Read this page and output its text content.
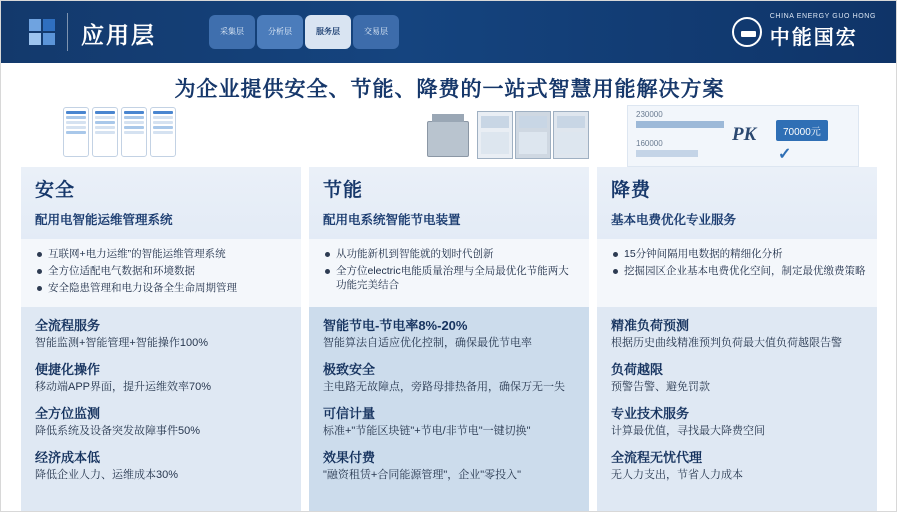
应用层	采集层	分析层	服务层	交易层
CHINA ENERGY GUO HONG
中能国宏
为企业提供安全、节能、降费的一站式智慧用能解决方案
安全
配用电智能运维管理系统
互联网+电力运维”的智能运维管理系统
全方位适配电气数据和环境数据
安全隐患管理和电力设备全生命周期管理
全流程服务
智能监测+智能管理+智能操作100%
便捷化操作
移动端APP界面，提升运维效率70%
全方位监测
降低系统及设备突发故障事件50%
经济成本低
降低企业人力、运维成本30%
节能
配用电系统智能节电装置
从功能新机到智能就的划时代创新
全方位electric电能质量治理与全局最优化节能两大功能完美结合
智能节电-节电率8%-20%
智能算法自适应优化控制，确保最优节电率
极致安全
主电路无故障点，旁路母排热备用，确保万无一失
可信计量
标准+"节能区块链"+节电/非节电"一键切换"
效果付费
"融资租赁+合同能源管理"，企业"零投入"
230000
160000	PK	70000元
✓
降费
基本电费优化专业服务
15分钟间隔用电数据的精细化分析
挖掘园区企业基本电费优化空间，制定最优缴费策略
精准负荷预测
根据历史曲线精准预判负荷最大值负荷越限告警
负荷越限
预警告警、避免罚款
专业技术服务
计算最优值，寻找最大降费空间
全流程无忧代理
无人力支出，节省人力成本
